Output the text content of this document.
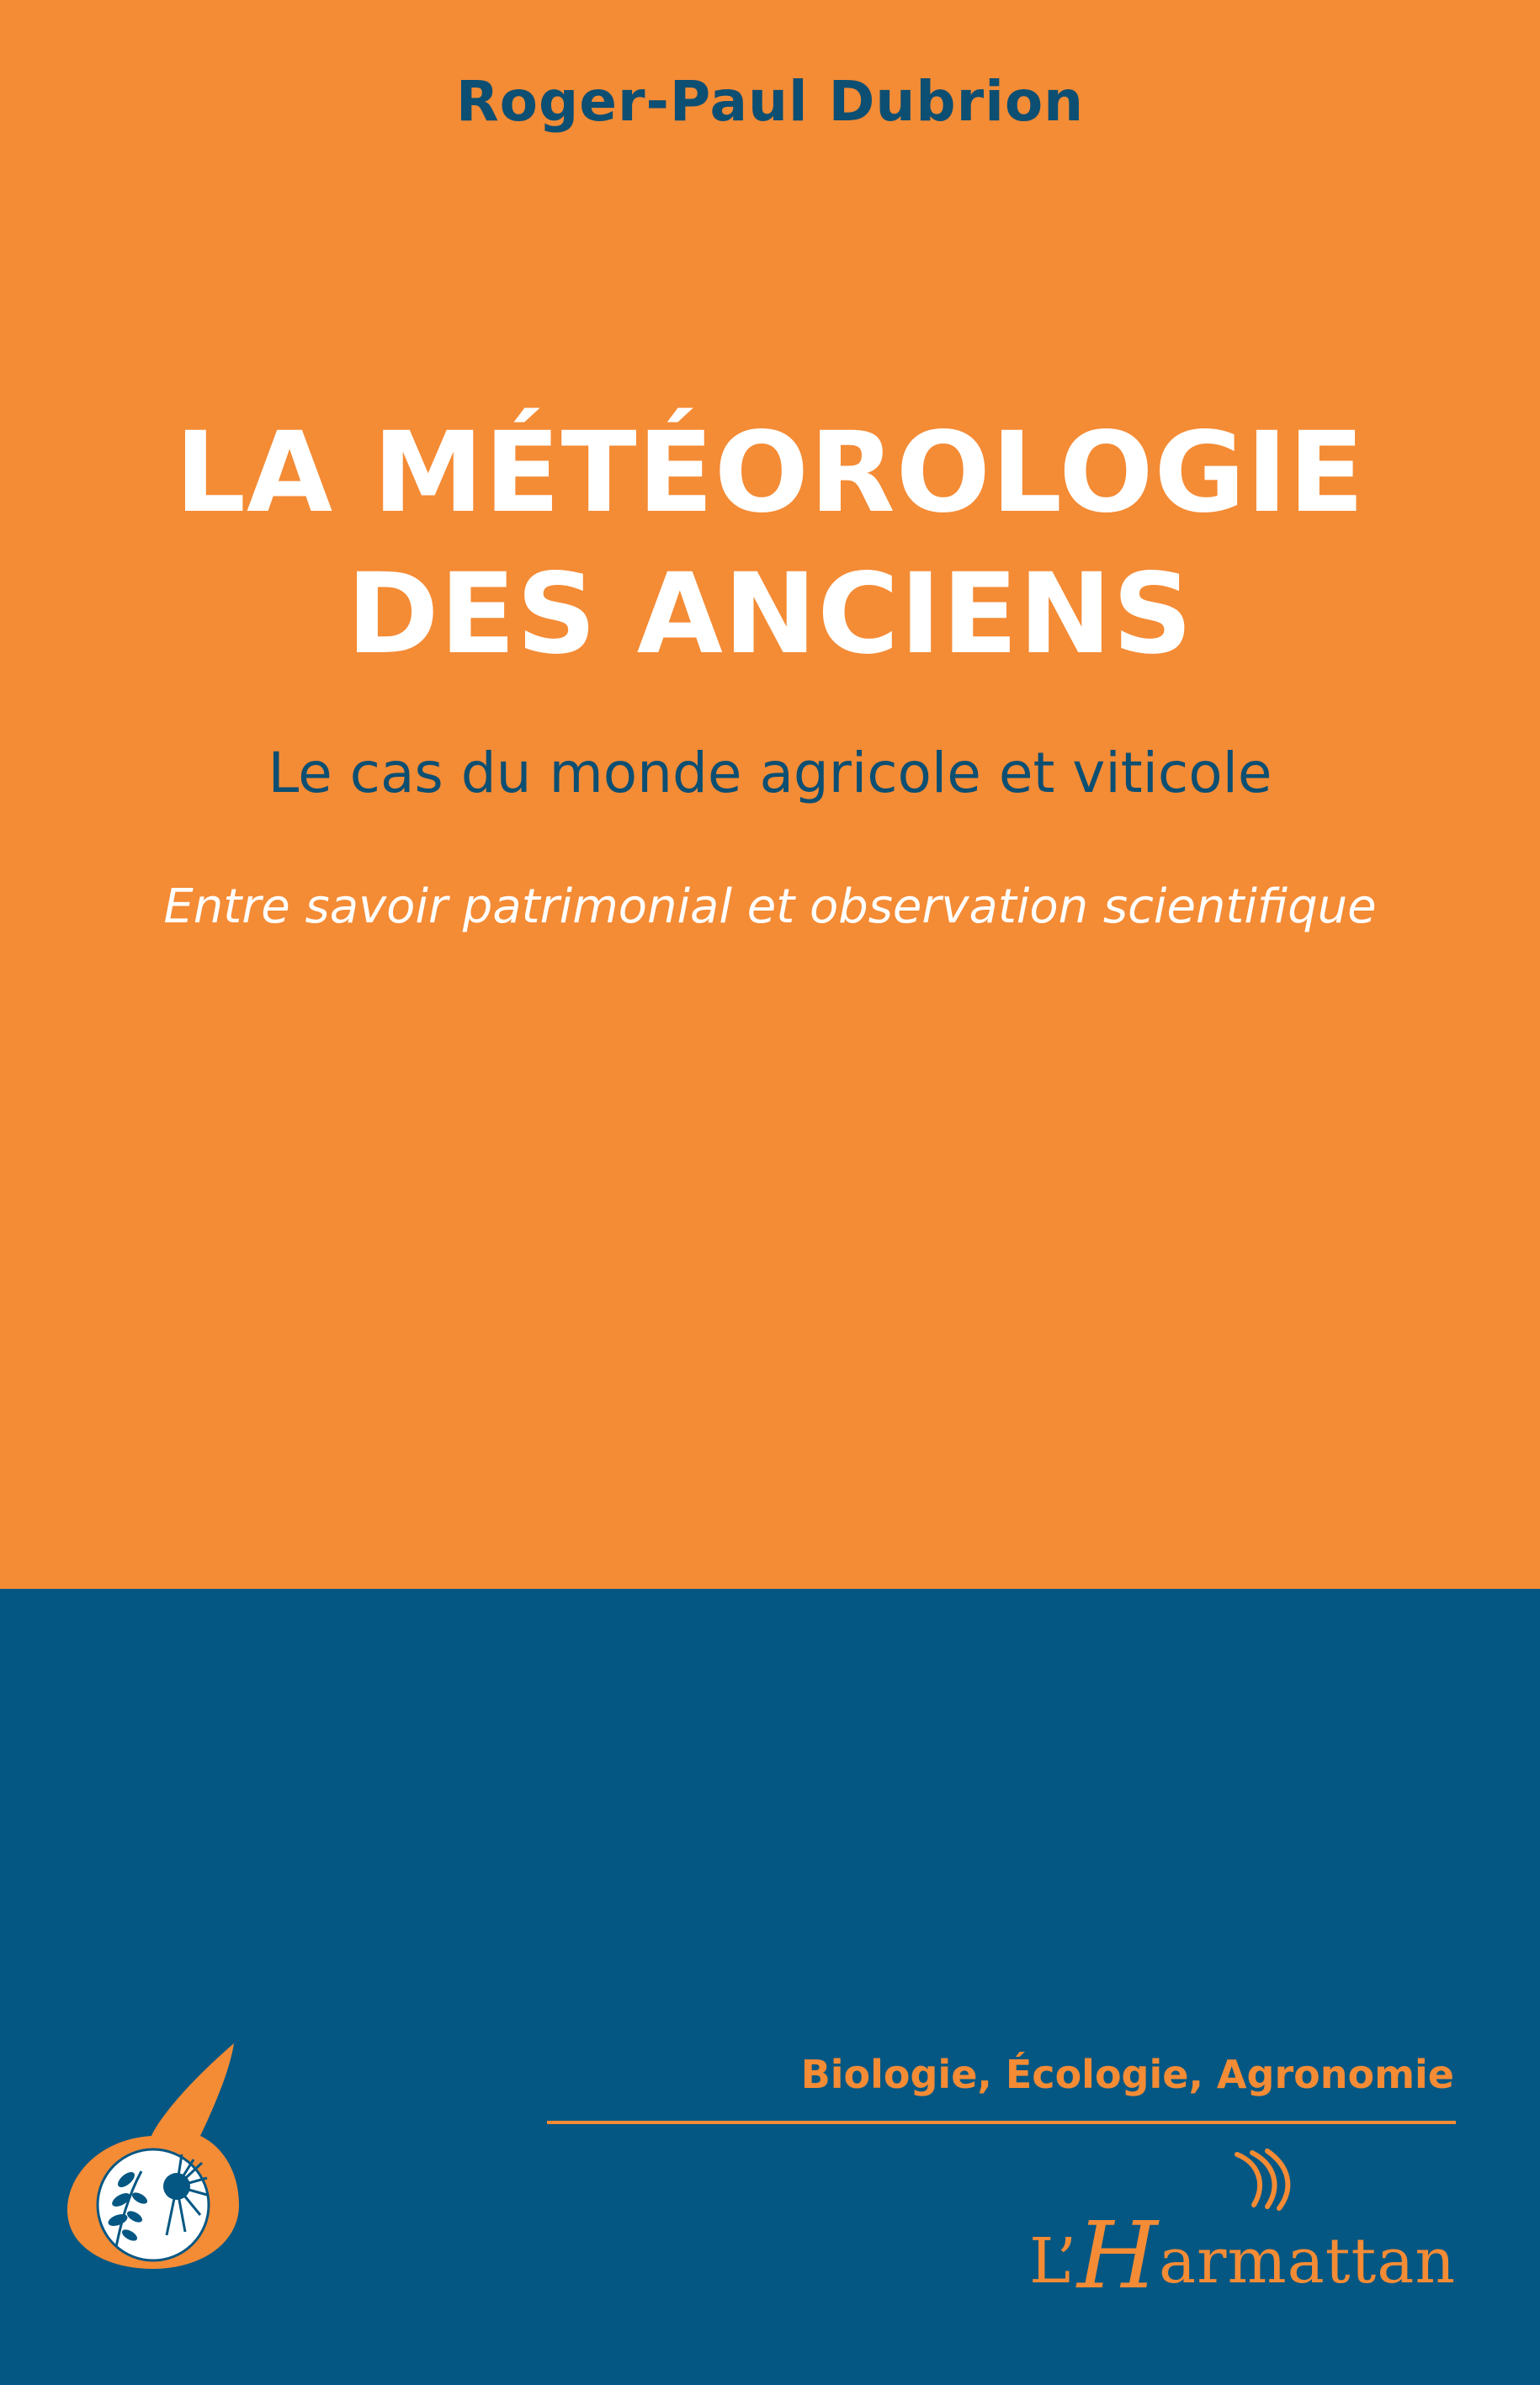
Roger-Paul Dubrion
LA MÉTÉOROLOGIE
DES ANCIENS
Le cas du monde agricole et viticole
Entre savoir patrimonial et observation scientifique
Biologie, Écologie, Agronomie
L’Harmattan
